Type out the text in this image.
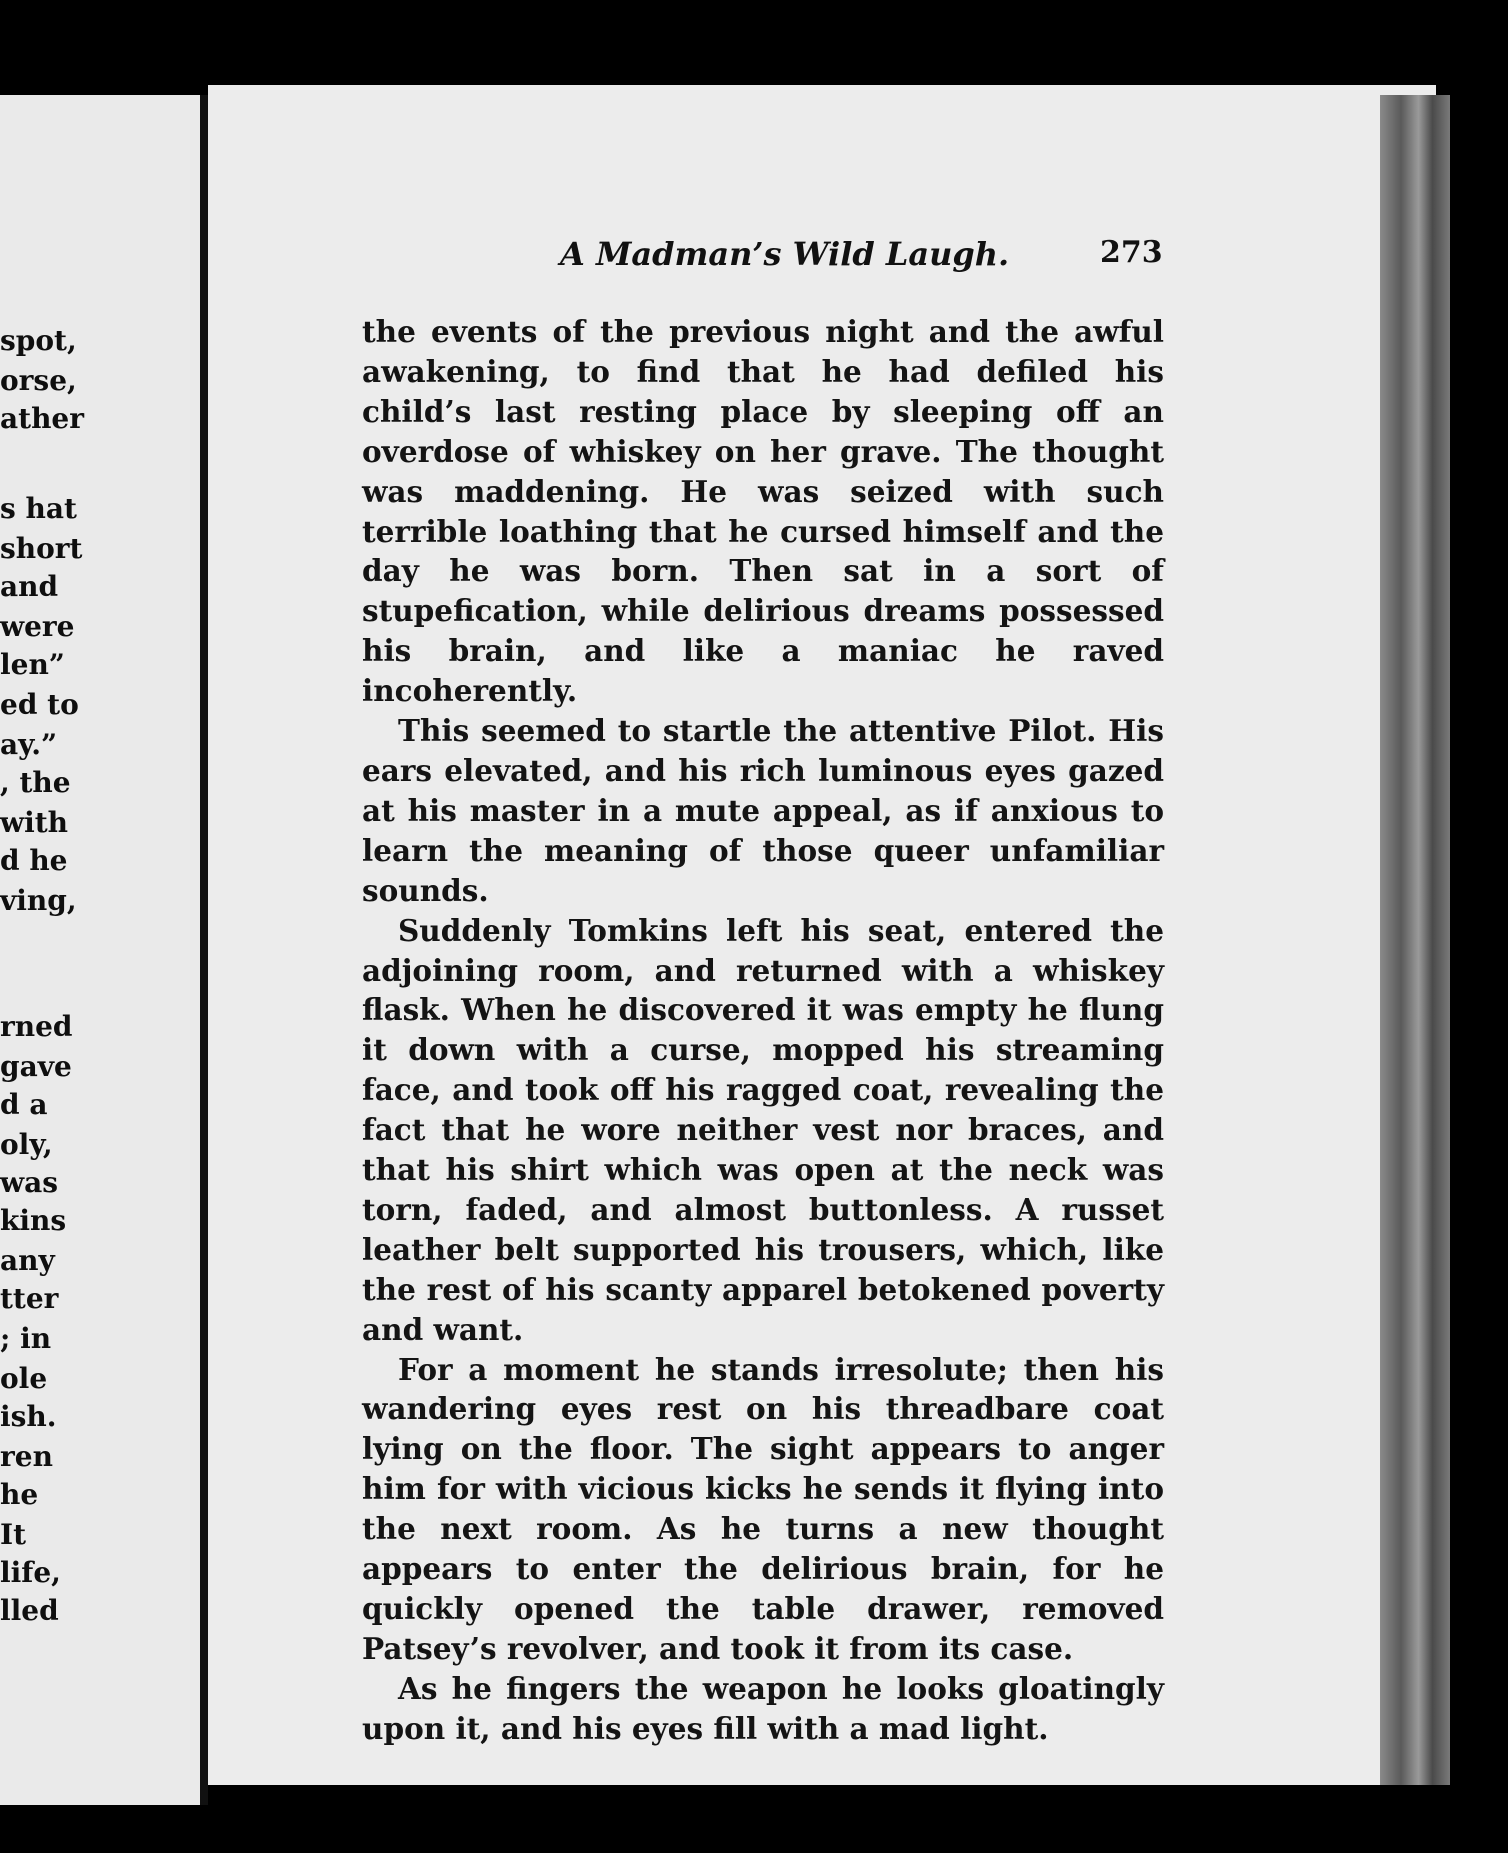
spot,
orse,
ather
s hat
short
and
were
len”
ed to
ay.”
, the
with
d he
ving,
rned
gave
d a
oly,
was
kins
any
tter
; in
ole
ish.
ren
he
It
life,
lled
A Madman’s Wild Laugh.	273

the events of the previous night and the awful awakening, to find that he had defiled his child’s last resting place by sleeping off an overdose of whiskey on her grave. The thought was maddening. He was seized with such terrible loathing that he cursed himself and the day he was born. Then sat in a sort of stupefication, while delirious dreams possessed his brain, and like a maniac he raved incoherently.

This seemed to startle the attentive Pilot. His ears elevated, and his rich luminous eyes gazed at his master in a mute appeal, as if anxious to learn the meaning of those queer unfamiliar sounds.

Suddenly Tomkins left his seat, entered the adjoining room, and returned with a whiskey flask. When he discovered it was empty he flung it down with a curse, mopped his streaming face, and took off his ragged coat, revealing the fact that he wore neither vest nor braces, and that his shirt which was open at the neck was torn, faded, and almost buttonless. A russet leather belt supported his trousers, which, like the rest of his scanty apparel betokened poverty and want.

For a moment he stands irresolute; then his wandering eyes rest on his threadbare coat lying on the floor. The sight appears to anger him for with vicious kicks he sends it flying into the next room. As he turns a new thought appears to enter the delirious brain, for he quickly opened the table drawer, removed Patsey’s revolver, and took it from its case.

As he fingers the weapon he looks gloatingly upon it, and his eyes fill with a mad light.
